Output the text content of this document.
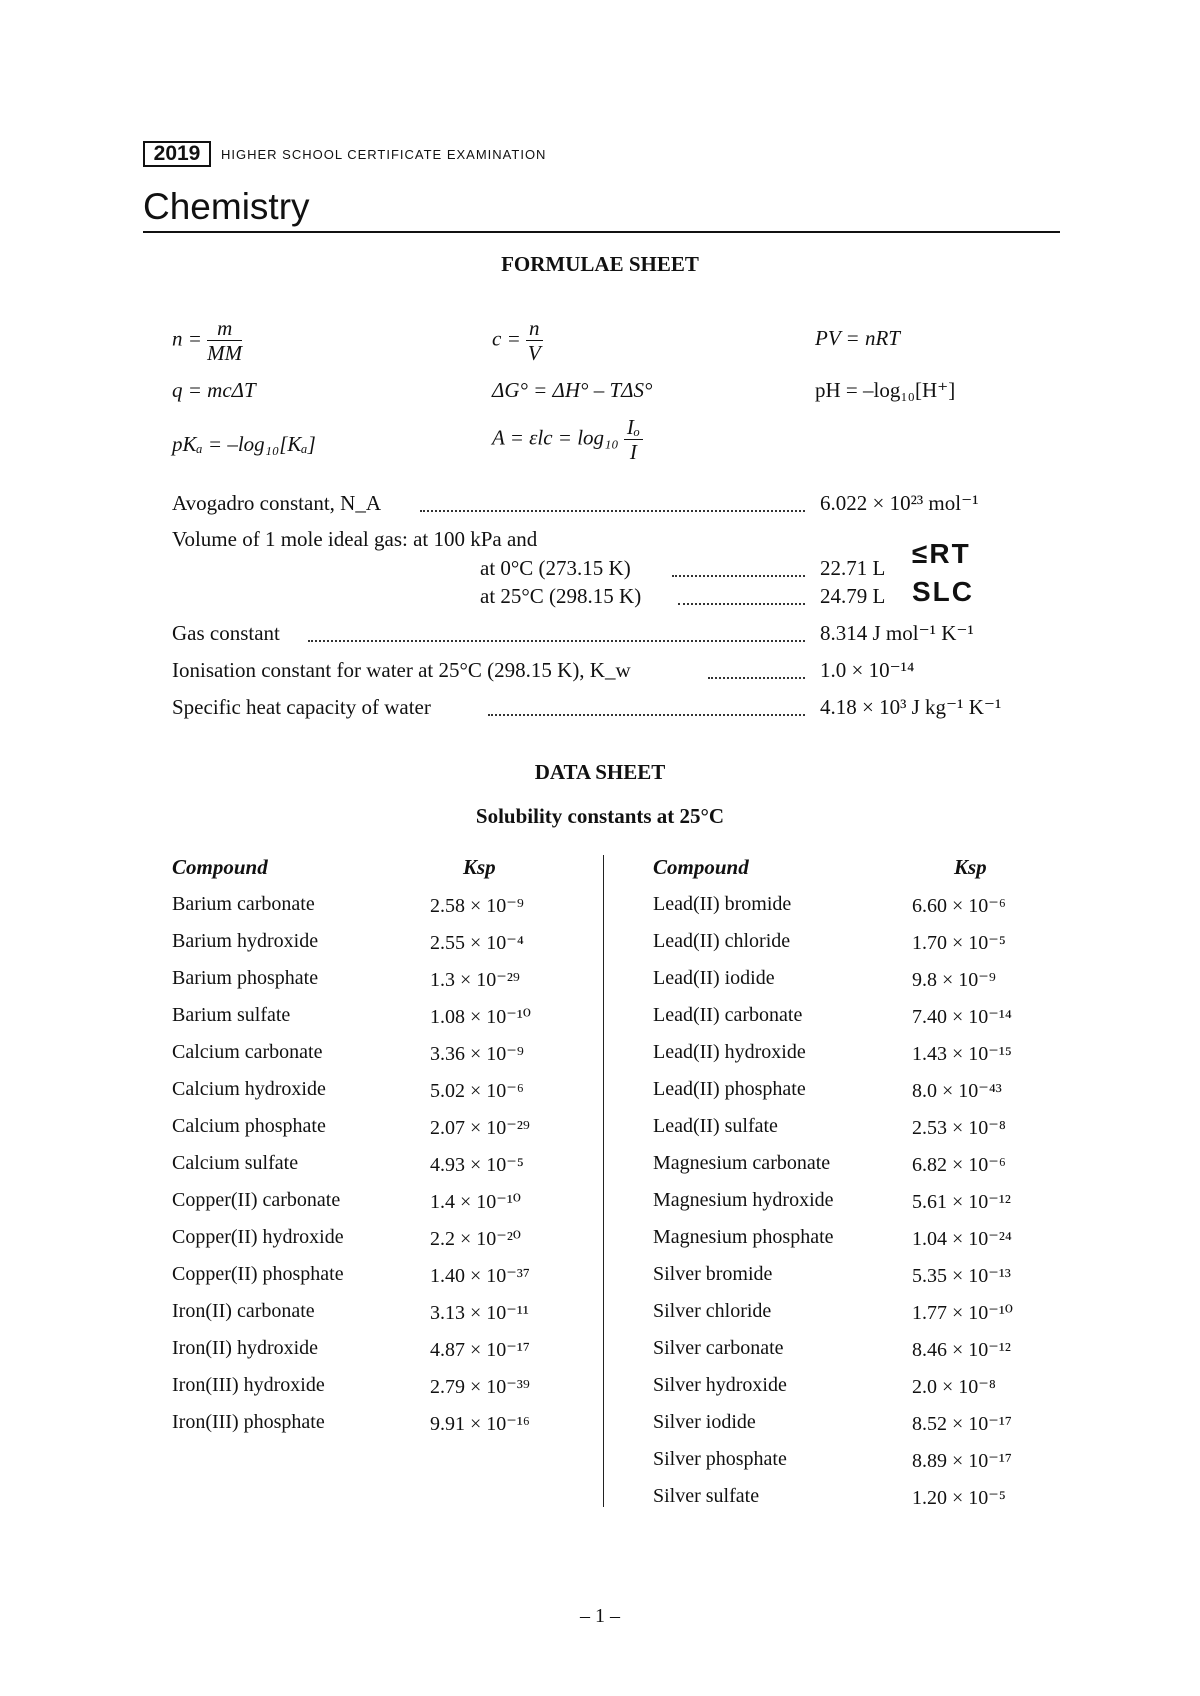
2019	HIGHER SCHOOL CERTIFICATE EXAMINATION
Chemistry
FORMULAE SHEET
$n = \frac{m}{MM}$	$c = \frac{n}{V}$	PV = nRT
q = mcΔT	ΔG° = ΔH° – TΔS°	pH = –log₁₀[H⁺]
pKₐ = –log₁₀[Kₐ]	$A = \varepsilon lc = \log_{10} \frac{\text{Iₒ}}{I}$
Avogadro constant, N_A	6.022 × 10²³ mol⁻¹
Volume of 1 mole ideal gas: at 100 kPa and
at 0°C (273.15 K)	22.71 L
at 25°C (298.15 K)	24.79 L
Gas constant	8.314 J mol⁻¹ K⁻¹
Ionisation constant for water at 25°C (298.15 K), K_w	1.0 × 10⁻¹⁴
Specific heat capacity of water	4.18 × 10³ J kg⁻¹ K⁻¹
≤RT
SLC
DATA SHEET
Solubility constants at 25°C
Compound	Ksp	Compound	Ksp
Barium carbonate	2.58 × 10⁻⁹
Barium hydroxide	2.55 × 10⁻⁴
Barium phosphate	1.3 × 10⁻²⁹
Barium sulfate	1.08 × 10⁻¹⁰
Calcium carbonate	3.36 × 10⁻⁹
Calcium hydroxide	5.02 × 10⁻⁶
Calcium phosphate	2.07 × 10⁻²⁹
Calcium sulfate	4.93 × 10⁻⁵
Copper(II) carbonate	1.4 × 10⁻¹⁰
Copper(II) hydroxide	2.2 × 10⁻²⁰
Copper(II) phosphate	1.40 × 10⁻³⁷
Iron(II) carbonate	3.13 × 10⁻¹¹
Iron(II) hydroxide	4.87 × 10⁻¹⁷
Iron(III) hydroxide	2.79 × 10⁻³⁹
Iron(III) phosphate	9.91 × 10⁻¹⁶
Lead(II) bromide	6.60 × 10⁻⁶
Lead(II) chloride	1.70 × 10⁻⁵
Lead(II) iodide	9.8 × 10⁻⁹
Lead(II) carbonate	7.40 × 10⁻¹⁴
Lead(II) hydroxide	1.43 × 10⁻¹⁵
Lead(II) phosphate	8.0 × 10⁻⁴³
Lead(II) sulfate	2.53 × 10⁻⁸
Magnesium carbonate	6.82 × 10⁻⁶
Magnesium hydroxide	5.61 × 10⁻¹²
Magnesium phosphate	1.04 × 10⁻²⁴
Silver bromide	5.35 × 10⁻¹³
Silver chloride	1.77 × 10⁻¹⁰
Silver carbonate	8.46 × 10⁻¹²
Silver hydroxide	2.0 × 10⁻⁸
Silver iodide	8.52 × 10⁻¹⁷
Silver phosphate	8.89 × 10⁻¹⁷
Silver sulfate	1.20 × 10⁻⁵
– 1 –
